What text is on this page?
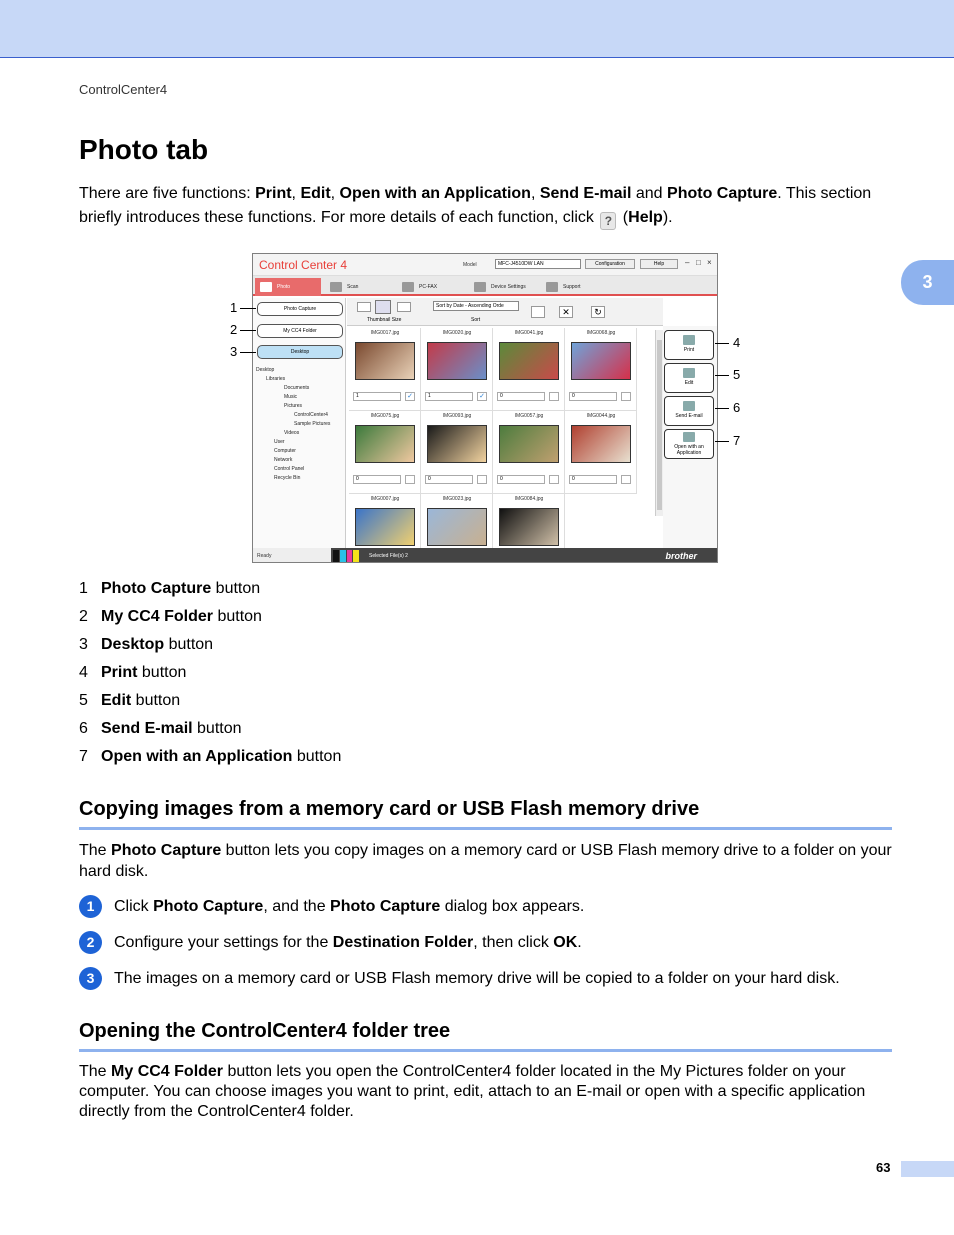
ControlCenter4
3
Photo tab

There are five functions: Print, Edit, Open with an Application, Send E-mail and Photo Capture. This section briefly introduces these functions. For more details of each function, click ? (Help).

Control Center 4	Model	MFC-J4510DW LAN	Configuration	Help	– □ ×
Photo	Scan	PC-FAX	Device Settings	Support
Photo Capture
My CC4 Folder
Desktop
Desktop
Libraries
Documents
Music
Pictures
ControlCenter4
Sample Pictures
Videos
User
Computer
Network
Control Panel
Recycle Bin
Thumbnail Size
Sort by Date - Ascending Orde
Sort
✕	↻
IMG0017.jpg
1	✓
IMG0020.jpg
1	✓
IMG0041.jpg
0
IMG0068.jpg
0
IMG0075.jpg
0
IMG0093.jpg
0
IMG0057.jpg
0
IMG0044.jpg
0
IMG0007.jpg	IMG0023.jpg	IMG0084.jpg
Print
Edit
Send E-mail
Open with an Application
Ready	Selected File(s) 2	brother
1
2
3
4
5
6
7
1 Photo Capture button
2 My CC4 Folder button
3 Desktop button
4 Print button
5 Edit button
6 Send E-mail button
7 Open with an Application button
Copying images from a memory card or USB Flash memory drive

The Photo Capture button lets you copy images on a memory card or USB Flash memory drive to a folder on your hard disk.

1	Click Photo Capture, and the Photo Capture dialog box appears.
2	Configure your settings for the Destination Folder, then click OK.
3	The images on a memory card or USB Flash memory drive will be copied to a folder on your hard disk.
Opening the ControlCenter4 folder tree

The My CC4 Folder button lets you open the ControlCenter4 folder located in the My Pictures folder on your computer. You can choose images you want to print, edit, attach to an E-mail or open with a specific application directly from the ControlCenter4 folder.

63
